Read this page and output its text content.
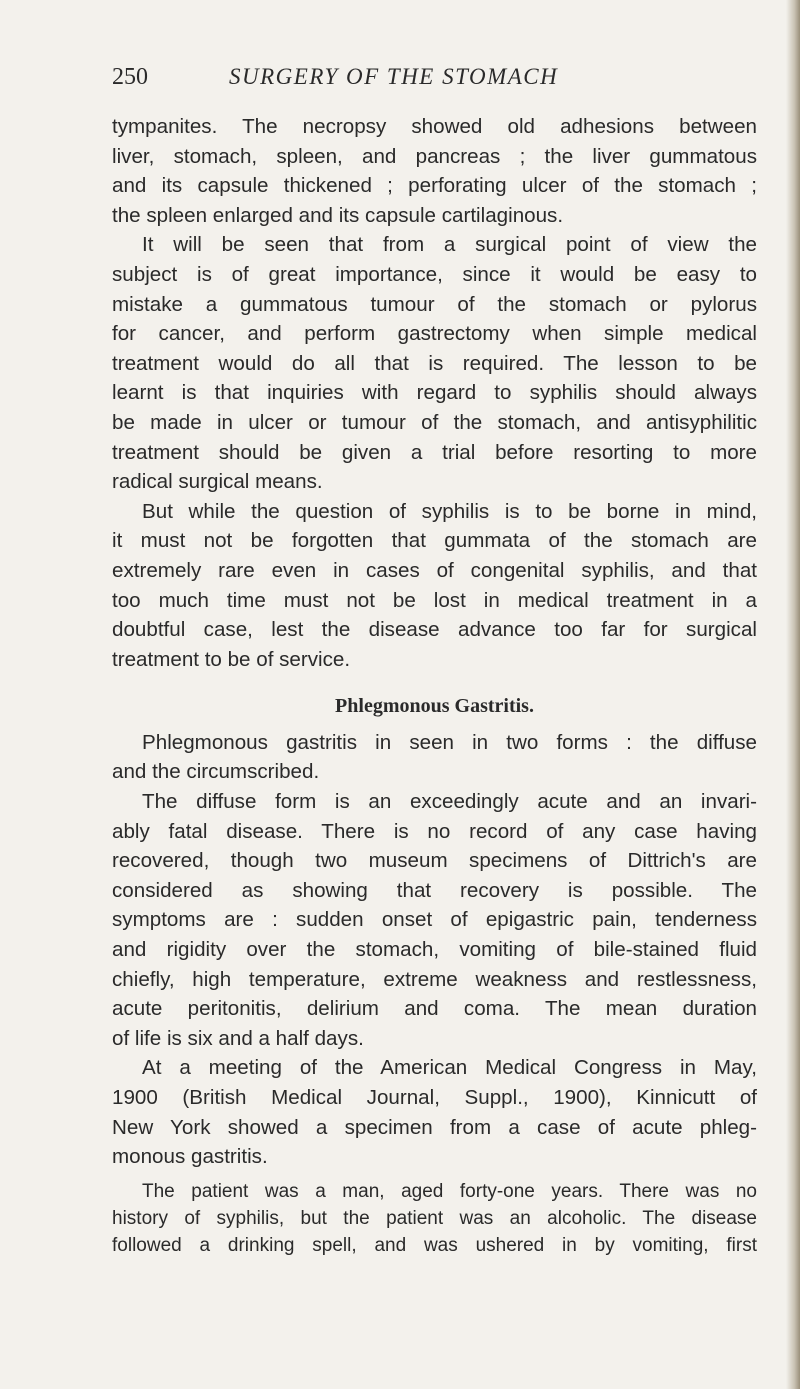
250	SURGERY OF THE STOMACH
tympanites. The necropsy showed old adhesions between
liver, stomach, spleen, and pancreas ; the liver gummatous
and its capsule thickened ; perforating ulcer of the stomach ;
the spleen enlarged and its capsule cartilaginous.
It will be seen that from a surgical point of view the
subject is of great importance, since it would be easy to
mistake a gummatous tumour of the stomach or pylorus
for cancer, and perform gastrectomy when simple medical
treatment would do all that is required. The lesson to be
learnt is that inquiries with regard to syphilis should always
be made in ulcer or tumour of the stomach, and antisyphilitic
treatment should be given a trial before resorting to more
radical surgical means.
But while the question of syphilis is to be borne in mind,
it must not be forgotten that gummata of the stomach are
extremely rare even in cases of congenital syphilis, and that
too much time must not be lost in medical treatment in a
doubtful case, lest the disease advance too far for surgical
treatment to be of service.
Phlegmonous Gastritis.
Phlegmonous gastritis in seen in two forms : the diffuse
and the circumscribed.
The diffuse form is an exceedingly acute and an invari-
ably fatal disease. There is no record of any case having
recovered, though two museum specimens of Dittrich's are
considered as showing that recovery is possible. The
symptoms are : sudden onset of epigastric pain, tenderness
and rigidity over the stomach, vomiting of bile-stained fluid
chiefly, high temperature, extreme weakness and restlessness,
acute peritonitis, delirium and coma. The mean duration
of life is six and a half days.
At a meeting of the American Medical Congress in May,
1900 (British Medical Journal, Suppl., 1900), Kinnicutt of
New York showed a specimen from a case of acute phleg-
monous gastritis.
The patient was a man, aged forty-one years. There was no
history of syphilis, but the patient was an alcoholic. The disease
followed a drinking spell, and was ushered in by vomiting, first
